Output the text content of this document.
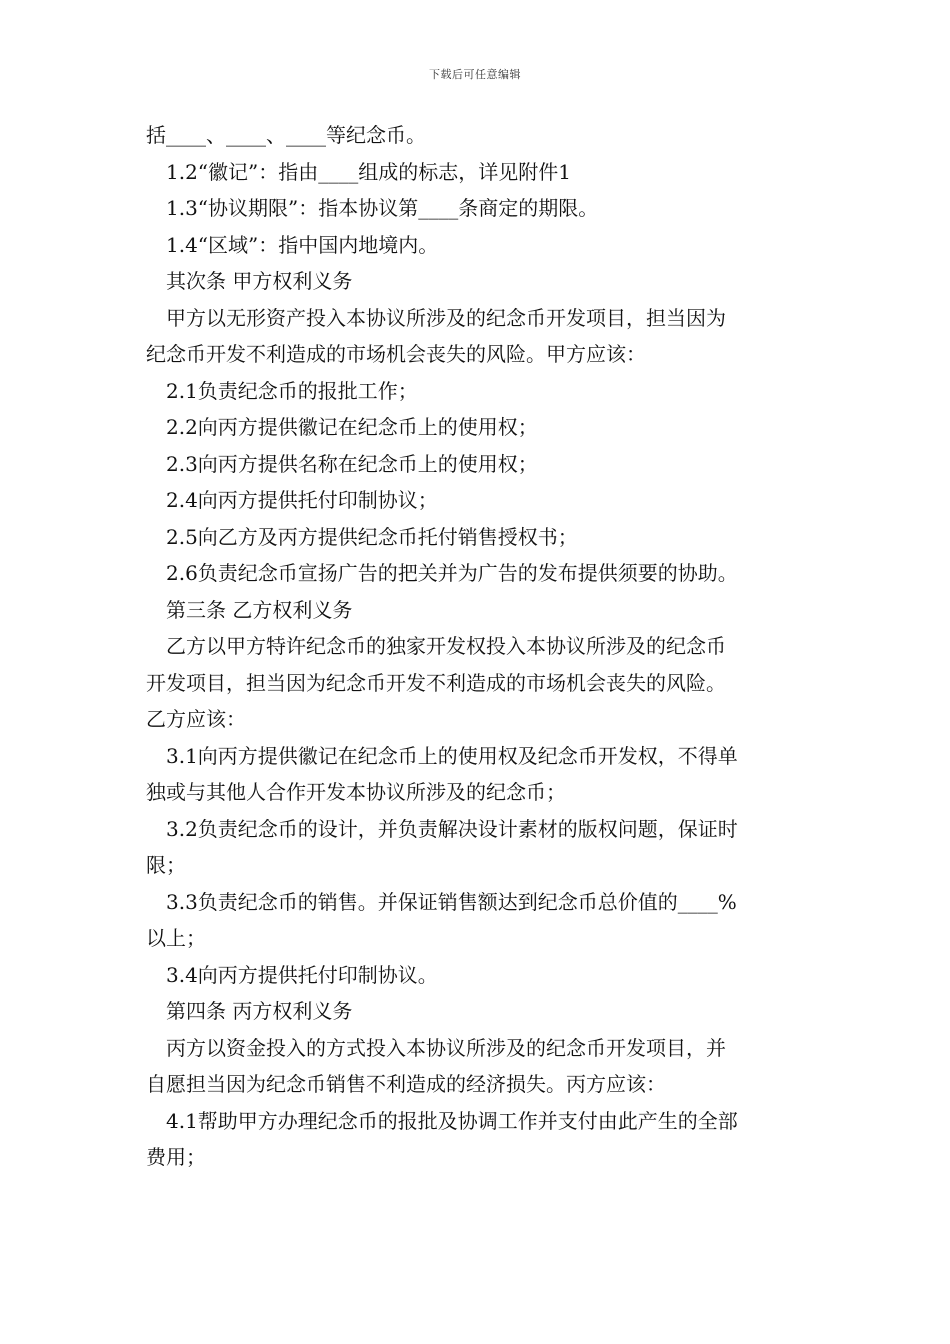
下载后可任意编辑

括____、____、____等纪念币。

1.2“徽记”：指由____组成的标志，详见附件1

1.3“协议期限”：指本协议第____条商定的期限。

1.4“区域”：指中国内地境内。

其次条 甲方权利义务

甲方以无形资产投入本协议所涉及的纪念币开发项目，担当因为

纪念币开发不利造成的市场机会丧失的风险。甲方应该：

2.1负责纪念币的报批工作；

2.2向丙方提供徽记在纪念币上的使用权；

2.3向丙方提供名称在纪念币上的使用权；

2.4向丙方提供托付印制协议；

2.5向乙方及丙方提供纪念币托付销售授权书；

2.6负责纪念币宣扬广告的把关并为广告的发布提供须要的协助。

第三条 乙方权利义务

乙方以甲方特许纪念币的独家开发权投入本协议所涉及的纪念币

开发项目，担当因为纪念币开发不利造成的市场机会丧失的风险。

乙方应该：

3.1向丙方提供徽记在纪念币上的使用权及纪念币开发权，不得单

独或与其他人合作开发本协议所涉及的纪念币；

3.2负责纪念币的设计，并负责解决设计素材的版权问题，保证时

限；

3.3负责纪念币的销售。并保证销售额达到纪念币总价值的____%

以上；

3.4向丙方提供托付印制协议。

第四条 丙方权利义务

丙方以资金投入的方式投入本协议所涉及的纪念币开发项目，并

自愿担当因为纪念币销售不利造成的经济损失。丙方应该：

4.1帮助甲方办理纪念币的报批及协调工作并支付由此产生的全部

费用；
